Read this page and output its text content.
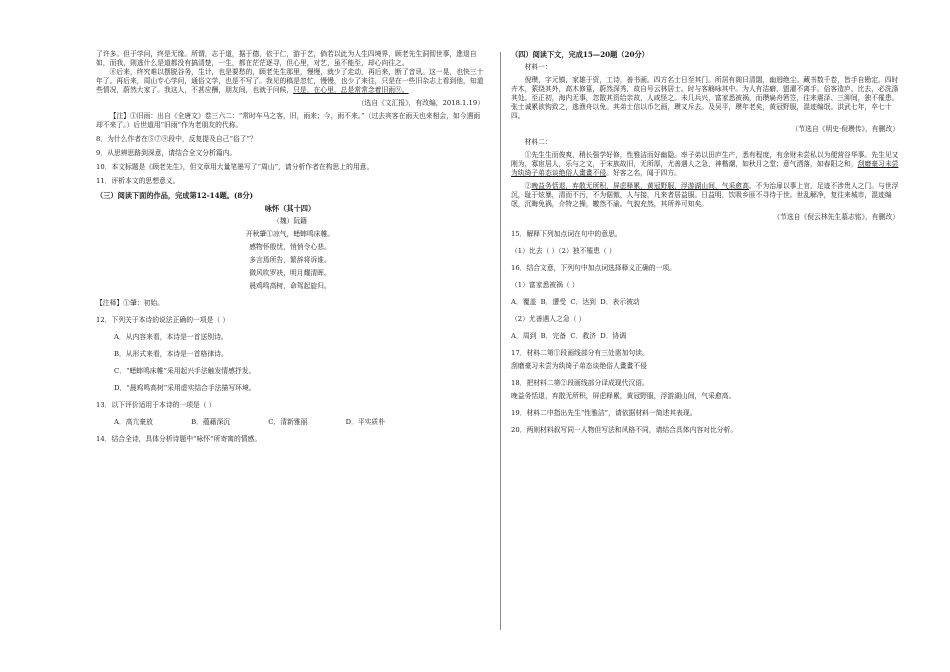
了许多。但于学问，终是无缘。所谓，志于道，据于德，依于仁，游于艺，倘若以此为人生四境界，顾老先生洞彻世事，進退自如，而我，則逃什么是道都没有搞清楚，一生，都在茫茫逐寻，但心里，对艺，虽不能至，却心向往之。

⑧后来，终究难以摆脱谷务，生计，也是要愁的，顾老先生那里，慢慢，就少了走动，再后来，断了音讯。这一晃，也快三十年了。再后来，周山专心学问，通俗文学，也是不写了。我见的稿是忽忙，慢慢，也少了来往，只是在一些旧杂志上看到他，知道些情况，蔚然大家了。我这人，不甚应酬，朋友间，也就于问候，只是，在心里，总是常常念着旧雨⑨。

（选自《文汇报》，有改编，2018.1.19）

【注】①旧雨：出自《全唐文》卷三六二：“常时车马之客，旧，雨来；今，雨不来。”（过去宾客在雨天也来相会，如今遇雨却不来了。）后世道用“旧雨”作为老朋友的代称。

8．为什么作者在⑤⑦⑨段中，反复提及自己“俗了”？

9．从思辨思路到深意，请结合全文分析篇内。

10．本文标题是《顾老先生》，但文章用大量笔墨写了“周山”，请分析作者在构思上的用意。

11．评析本文的思想意义。

（三）阅读下面的作品，完成第12-14题。(8分)

咏怀（其十四）

（魏）阮籍

开秋肇①凉气，蟋蟀鸣床帷。

感物怀殷忧，悄悄令心悲。

多言焉所告，繁辞将诉谁。

微风吹罗袂，明月耀清晖。

晨鸡鸣高树，命驾起旋归。

【注释】①肇：初始。

12．下列关于本诗的说法正确的一项是（ ）

A．从内容来看，本诗是一首送别诗。

B．从形式来看，本诗是一首格律诗。

C．“蟋蟀鸣床帷”采用起兴手法触发情感抒发。

D．“晨鸡鸣高树”采用虚实结合手法描写环境。

13．以下评价适用于本诗的一项是（ ）

A．高亢豪放	B．蕴藉深沉	C．清新雅丽	D．平实质朴

14．结合全诗，具体分析诗题中“咏怀”所寄寓的情感。

（四）阅读下文，完成15—20题（20分）

材料一：

倪瓒，字元镇，家雄于资，工诗，善书画。四方名士日至其门。所居有阁曰清閟，幽迥绝尘。藏书数千卷，皆手自勘定。四时卉木，萦绕其外，高木修篁，蔚然深秀，故自号云林居士。时与客觞咏其中。为人有洁癖，盥濯不离手。俗客造庐，比去，必洗涤其处。至正初，海内无事，忽散其资给亲故，人咸怪之。未几兵兴，富家悉被祸，而瓒扁舟箬笠，往来震泽、三泖间，独不罹患。张士诚累欲钩致之，逃渔舟以免。其弟士信以币乞画，瓒又斥去。及吴平，瓒年老矣，黄冠野服，混迹编氓。洪武七年，卒七十四。

（节选自《明史·倪瓒传》，有删改）

材料二：

①先生生而俊爽，稍长强学好修，性雅洁而好幽隐。率子弟以田庐生产，悉有程度，有余财未尝私以为便营谷华事。先生见又刚为，寡宦居人，乐与之文，于宋族故旧，无所厚，尤善遇人之急，神楷潮，如秋月之堂；意气洒落，如春阳之和，刮磨豪习未尝为纨绮子弟态谈绝俗人畫畫不侵。好客之名，闻于四方。

②晚益务恬退，弃散无所积，屏虑释累，黄冠野服，浮游湖山间，气采愈高。不为治扉以事上官，足迹不涉贵人之门。与世浮沉，耻于炫暴，清而不污，不为倨傲，人与接，凡来者居益服。日益明，饮吸乡匪不寻待于世。世乱解净，复往来城市，混迹编氓，沉晦免祸，介特之操，皦然不渝。气貌充然，其所养可知矣。

（节选自《倪云林先生墓志铭》，有删改）

15．解释下列加点词在句中的意思。

（1）比去（ ）（2）独不罹患（ ）

16．结合文意，下列句中加点词选择释义正确的一项。

（1）富家悉被祸（ ）

A．覆盖 B．遭受 C．达到 D．表示被动

（2）尤善遇人之急（ ）

A．周到 B．完备 C．救济 D．协调

17．材料二第①段画线部分有三处需加句读。

刮磨豪习未尝为纨绮子弟态谈绝俗人畫畫不侵

18．把材料二第②段画线部分译成现代汉语。

晚益务恬退，弃散无所积，屏虑释累，黄冠野服，浮游湖山间，气采愈高。

19．材料二中指出先生“性雅洁”，请依据材料一简述其表现。

20．两则材料叙写同一人物但写法和风格不同，请结合具体内容对比分析。
